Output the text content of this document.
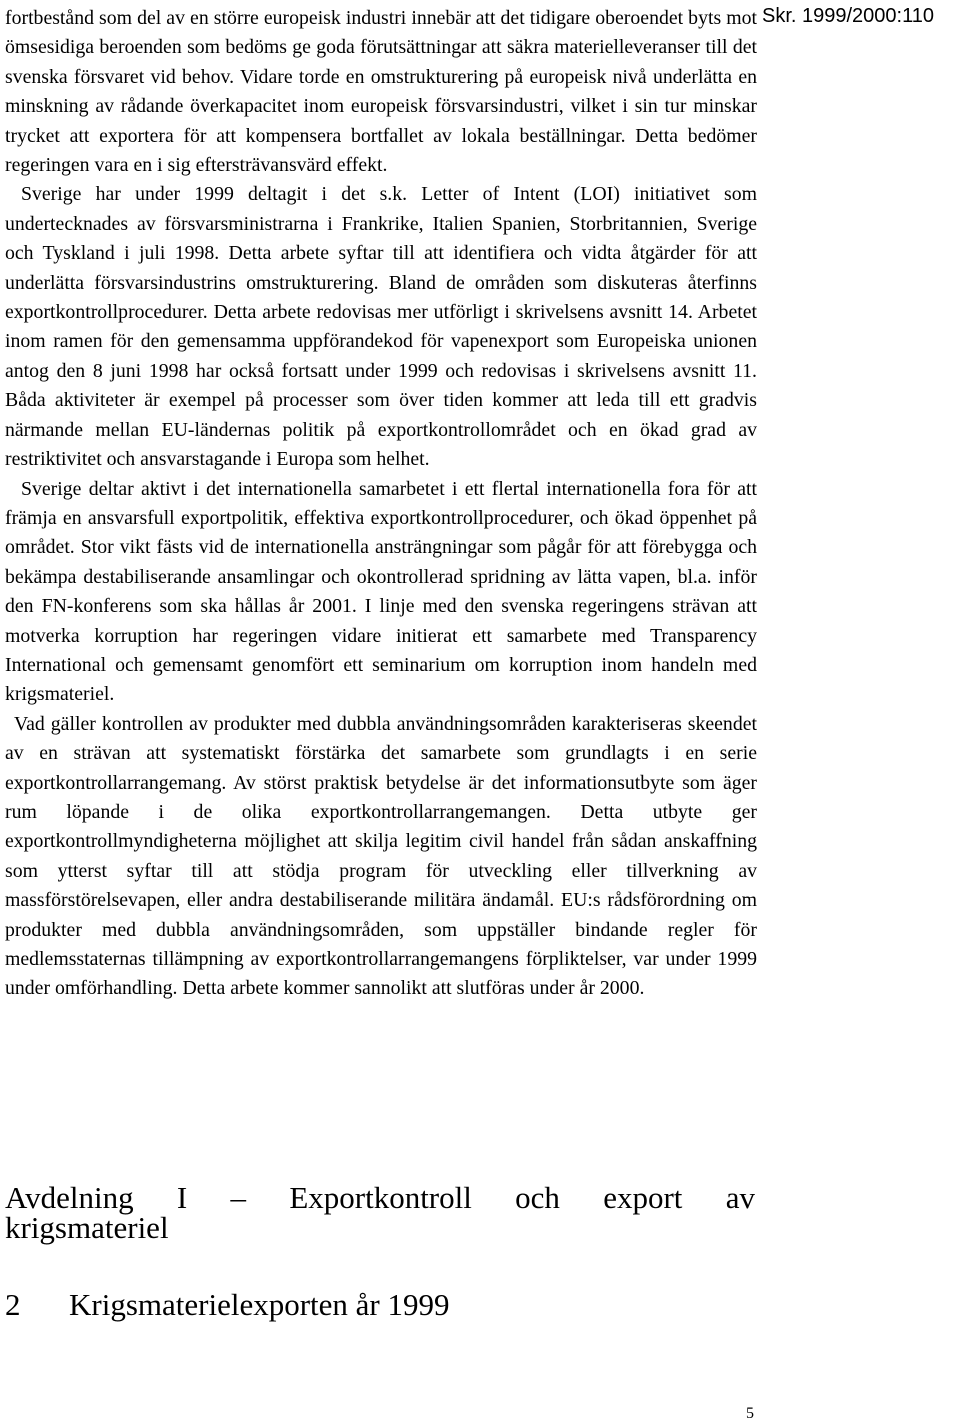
Skr. 1999/2000:110

fortbestånd som del av en större europeisk industri innebär att det tidigare oberoendet byts mot ömsesidiga beroenden som bedöms ge goda förutsättningar att säkra materielleveranser till det svenska försvaret vid behov. Vidare torde en omstrukturering på europeisk nivå underlätta en minskning av rådande överkapacitet inom europeisk försvarsindustri, vilket i sin tur minskar trycket att exportera för att kompensera bortfallet av lokala beställningar. Detta bedömer regeringen vara en i sig eftersträvansvärd effekt.

Sverige har under 1999 deltagit i det s.k. Letter of Intent (LOI) initiativet som undertecknades av försvarsministrarna i Frankrike, Italien Spanien, Storbritannien, Sverige och Tyskland i juli 1998. Detta arbete syftar till att identifiera och vidta åtgärder för att underlätta försvarsindustrins omstrukturering. Bland de områden som diskuteras återfinns exportkontrollprocedurer. Detta arbete redovisas mer utförligt i skrivelsens avsnitt 14. Arbetet inom ramen för den gemensamma uppförandekod för vapenexport som Europeiska unionen antog den 8 juni 1998 har också fortsatt under 1999 och redovisas i skrivelsens avsnitt 11. Båda aktiviteter är exempel på processer som över tiden kommer att leda till ett gradvis närmande mellan EU-ländernas politik på exportkontrollområdet och en ökad grad av restriktivitet och ansvarstagande i Europa som helhet.

Sverige deltar aktivt i det internationella samarbetet i ett flertal internationella fora för att främja en ansvarsfull exportpolitik, effektiva exportkontrollprocedurer, och ökad öppenhet på området. Stor vikt fästs vid de internationella ansträngningar som pågår för att förebygga och bekämpa destabiliserande ansamlingar och okontrollerad spridning av lätta vapen, bl.a. inför den FN-konferens som ska hållas år 2001. I linje med den svenska regeringens strävan att motverka korruption har regeringen vidare initierat ett samarbete med Transparency International och gemensamt genomfört ett seminarium om korruption inom handeln med krigsmateriel.

Vad gäller kontrollen av produkter med dubbla användningsområden karakteriseras skeendet av en strävan att systematiskt förstärka det samarbete som grundlagts i en serie exportkontrollarrangemang. Av störst praktisk betydelse är det informationsutbyte som äger rum löpande i de olika exportkontrollarrangemangen. Detta utbyte ger exportkontrollmyndigheterna möjlighet att skilja legitim civil handel från sådan anskaffning som ytterst syftar till att stödja program för utveckling eller tillverkning av massförstörelsevapen, eller andra destabiliserande militära ändamål. EU:s rådsförordning om produkter med dubbla användningsområden, som uppställer bindande regler för medlemsstaternas tillämpning av exportkontrollarrangemangens förpliktelser, var under 1999 under omförhandling. Detta arbete kommer sannolikt att slutföras under år 2000.

Avdelning I – Exportkontroll och export av krigsmateriel
2 Krigsmaterielexporten år 1999
5
